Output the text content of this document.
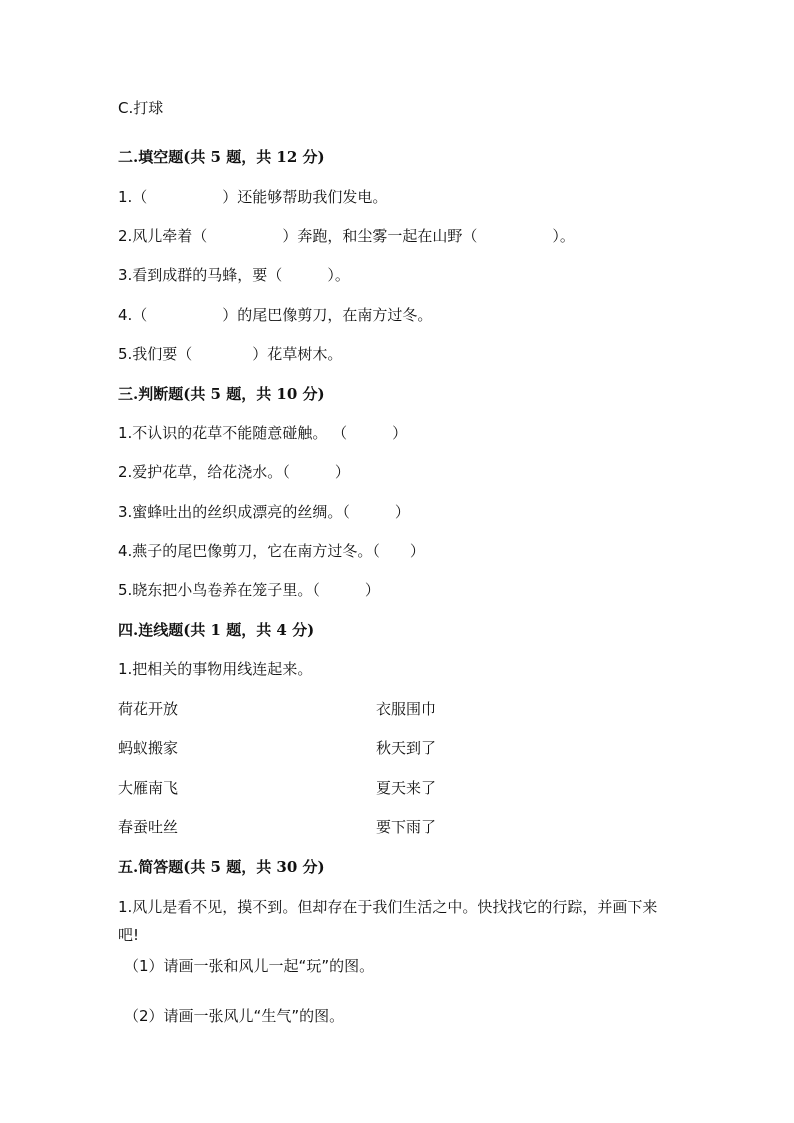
C.打球
二.填空题(共 5 题，共 12 分)
1.（　　　　　）还能够帮助我们发电。
2.风儿牵着（　　　　　）奔跑，和尘雾一起在山野（　　　　　）。
3.看到成群的马蜂，要（　　　）。
4.（　　　　　）的尾巴像剪刀，在南方过冬。
5.我们要（　　　　）花草树木。
三.判断题(共 5 题，共 10 分)
1.不认识的花草不能随意碰触。 （　　　）
2.爱护花草，给花浇水。（　　　）
3.蜜蜂吐出的丝织成漂亮的丝绸。（　　　）
4.燕子的尾巴像剪刀，它在南方过冬。（　　）
5.晓东把小鸟卷养在笼子里。（　　　）
四.连线题(共 1 题，共 4 分)
1.把相关的事物用线连起来。
荷花开放	衣服围巾
蚂蚁搬家	秋天到了
大雁南飞	夏天来了
春蚕吐丝	要下雨了
五.简答题(共 5 题，共 30 分)
1.风儿是看不见，摸不到。但却存在于我们生活之中。快找找它的行踪，并画下来吧!
（1）请画一张和风儿一起“玩”的图。
（2）请画一张风儿“生气”的图。
